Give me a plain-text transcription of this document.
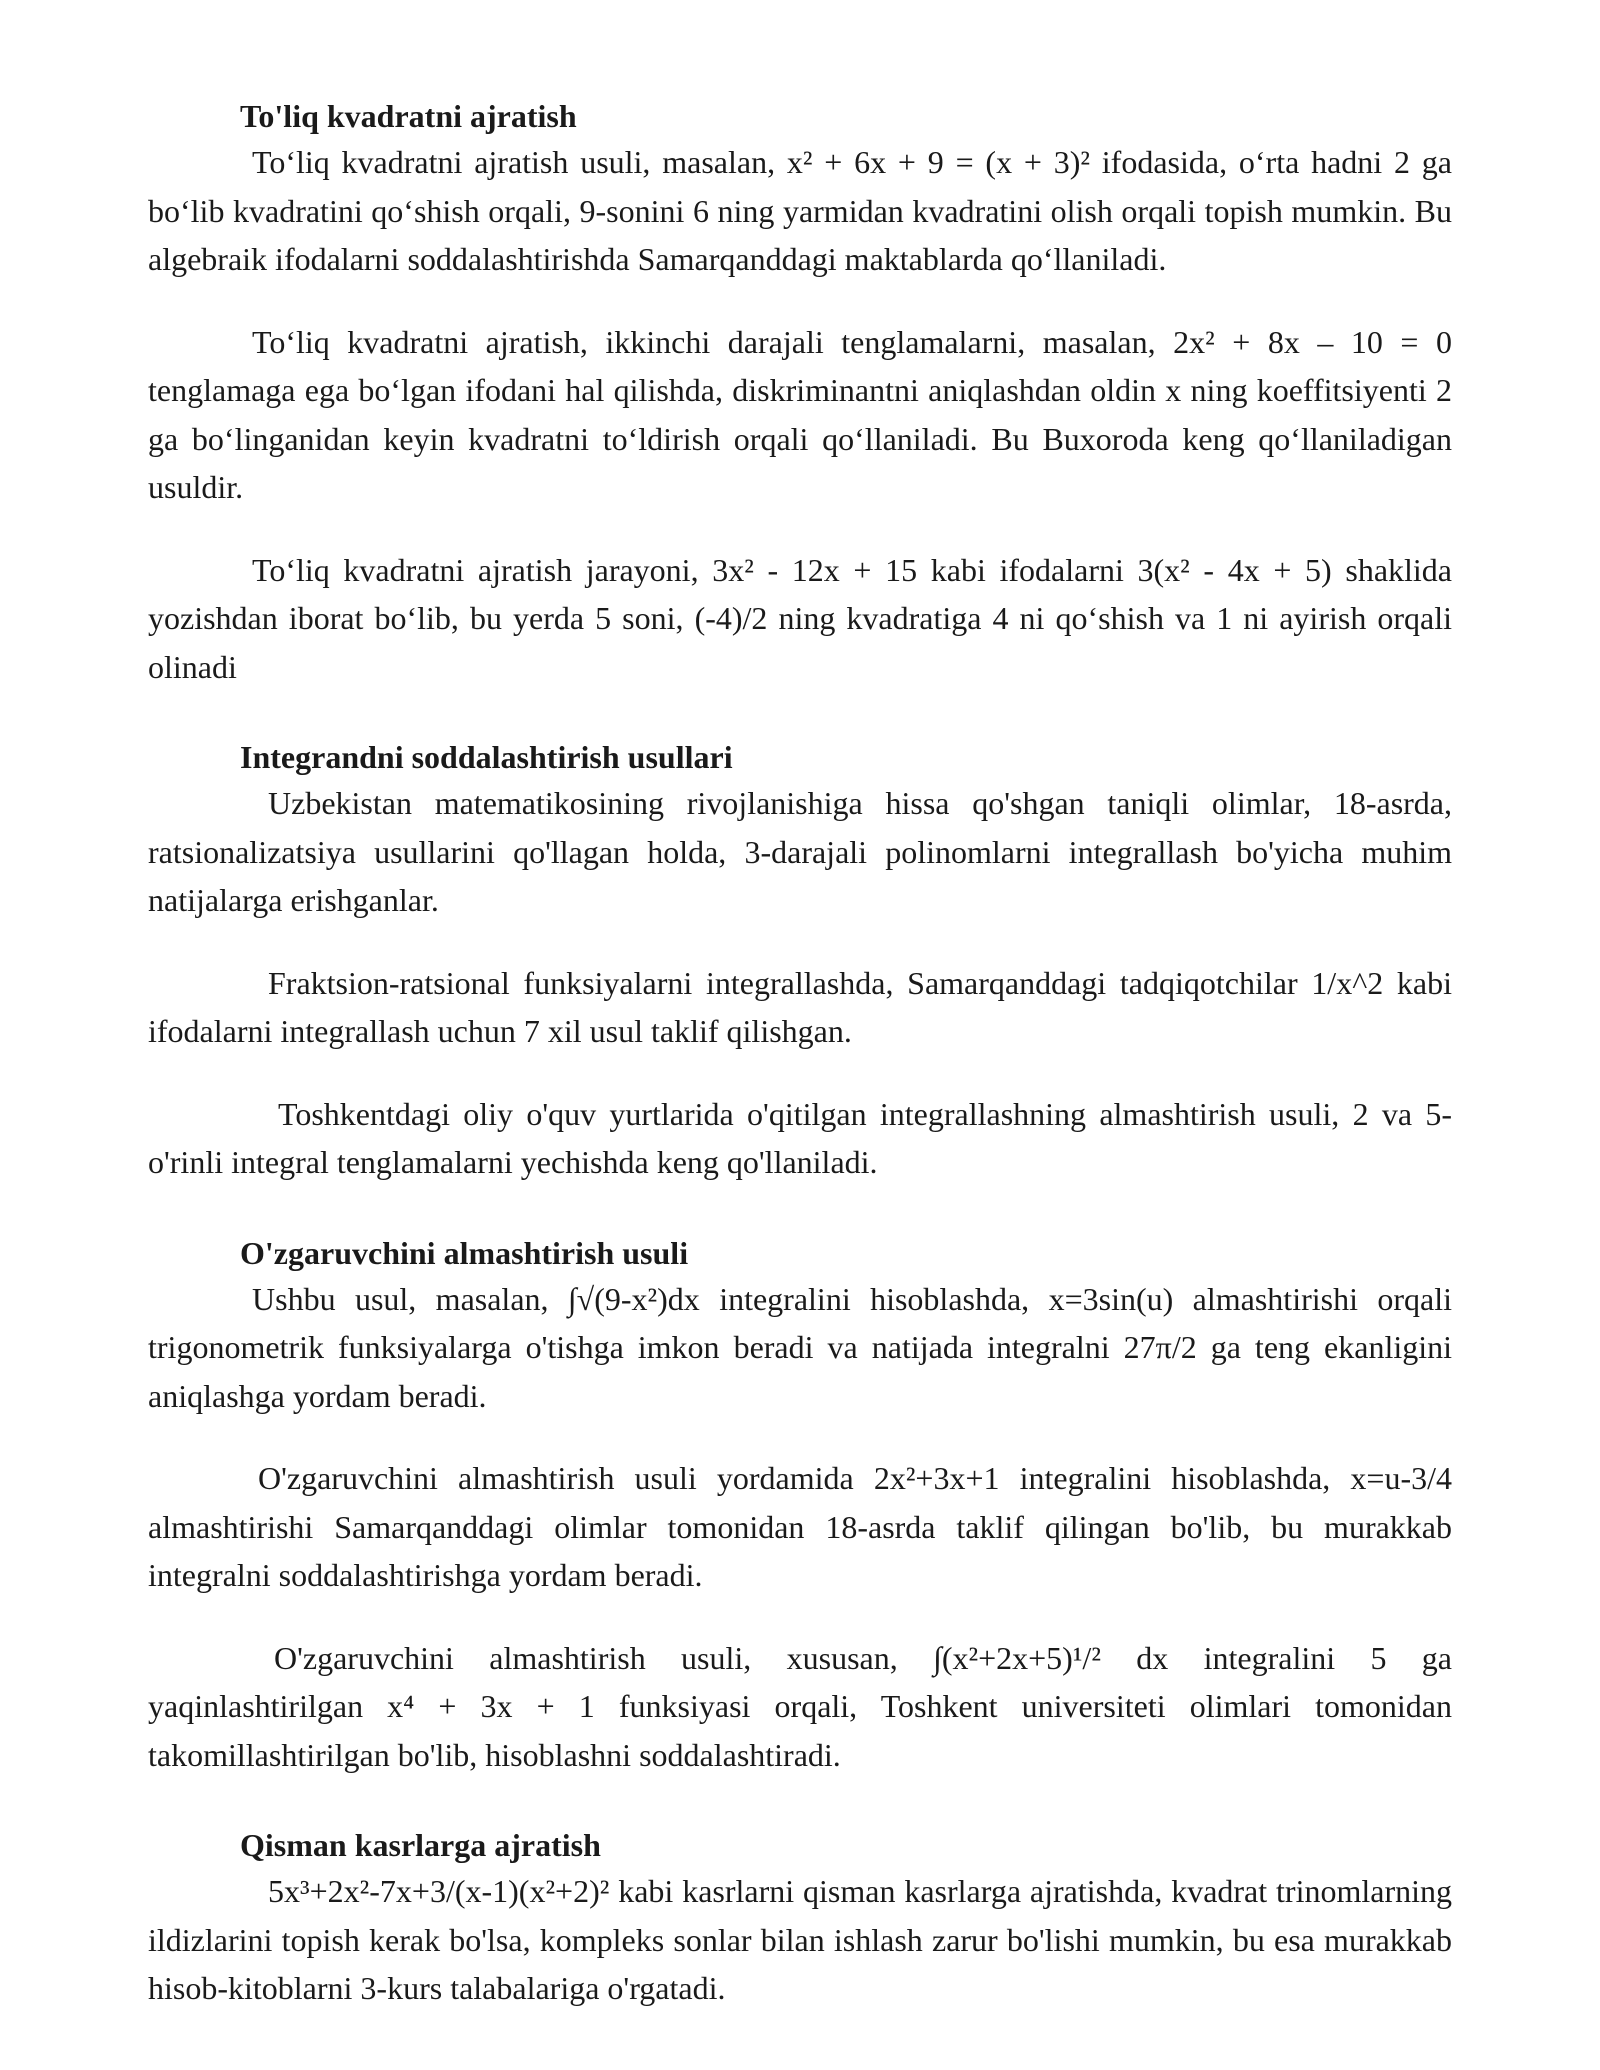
To'liq kvadratni ajratish

To‘liq kvadratni ajratish usuli, masalan, x² + 6x + 9 = (x + 3)² ifodasida, o‘rta hadni 2 ga bo‘lib kvadratini qo‘shish orqali, 9-sonini 6 ning yarmidan kvadratini olish orqali topish mumkin. Bu algebraik ifodalarni soddalashtirishda Samarqanddagi maktablarda qo‘llaniladi.

To‘liq kvadratni ajratish, ikkinchi darajali tenglamalarni, masalan, 2x² + 8x – 10 = 0 tenglamaga ega bo‘lgan ifodani hal qilishda, diskriminantni aniqlashdan oldin x ning koeffitsiyenti 2 ga bo‘linganidan keyin kvadratni to‘ldirish orqali qo‘llaniladi. Bu Buxoroda keng qo‘llaniladigan usuldir.

To‘liq kvadratni ajratish jarayoni, 3x² - 12x + 15 kabi ifodalarni 3(x² - 4x + 5) shaklida yozishdan iborat bo‘lib, bu yerda 5 soni, (-4)/2 ning kvadratiga 4 ni qo‘shish va 1 ni ayirish orqali olinadi

Integrandni soddalashtirish usullari

Uzbekistan matematikosining rivojlanishiga hissa qo'shgan taniqli olimlar, 18-asrda, ratsionalizatsiya usullarini qo'llagan holda, 3-darajali polinomlarni integrallash bo'yicha muhim natijalarga erishganlar.

Fraktsion-ratsional funksiyalarni integrallashda, Samarqanddagi tadqiqotchilar 1/x^2 kabi ifodalarni integrallash uchun 7 xil usul taklif qilishgan.

Toshkentdagi oliy o'quv yurtlarida o'qitilgan integrallashning almashtirish usuli, 2 va 5-o'rinli integral tenglamalarni yechishda keng qo'llaniladi.

O'zgaruvchini almashtirish usuli

Ushbu usul, masalan, ∫√(9-x²)dx integralini hisoblashda, x=3sin(u) almashtirishi orqali trigonometrik funksiyalarga o'tishga imkon beradi va natijada integralni 27π/2 ga teng ekanligini aniqlashga yordam beradi.

O'zgaruvchini almashtirish usuli yordamida 2x²+3x+1 integralini hisoblashda, x=u-3/4 almashtirishi Samarqanddagi olimlar tomonidan 18-asrda taklif qilingan bo'lib, bu murakkab integralni soddalashtirishga yordam beradi.

O'zgaruvchini almashtirish usuli, xususan, ∫(x²+2x+5)¹/² dx integralini 5 ga yaqinlashtirilgan x⁴ + 3x + 1 funksiyasi orqali, Toshkent universiteti olimlari tomonidan takomillashtirilgan bo'lib, hisoblashni soddalashtiradi.

Qisman kasrlarga ajratish

5x³+2x²-7x+3/(x-1)(x²+2)² kabi kasrlarni qisman kasrlarga ajratishda, kvadrat trinomlarning ildizlarini topish kerak bo'lsa, kompleks sonlar bilan ishlash zarur bo'lishi mumkin, bu esa murakkab hisob-kitoblarni 3-kurs talabalariga o'rgatadi.
